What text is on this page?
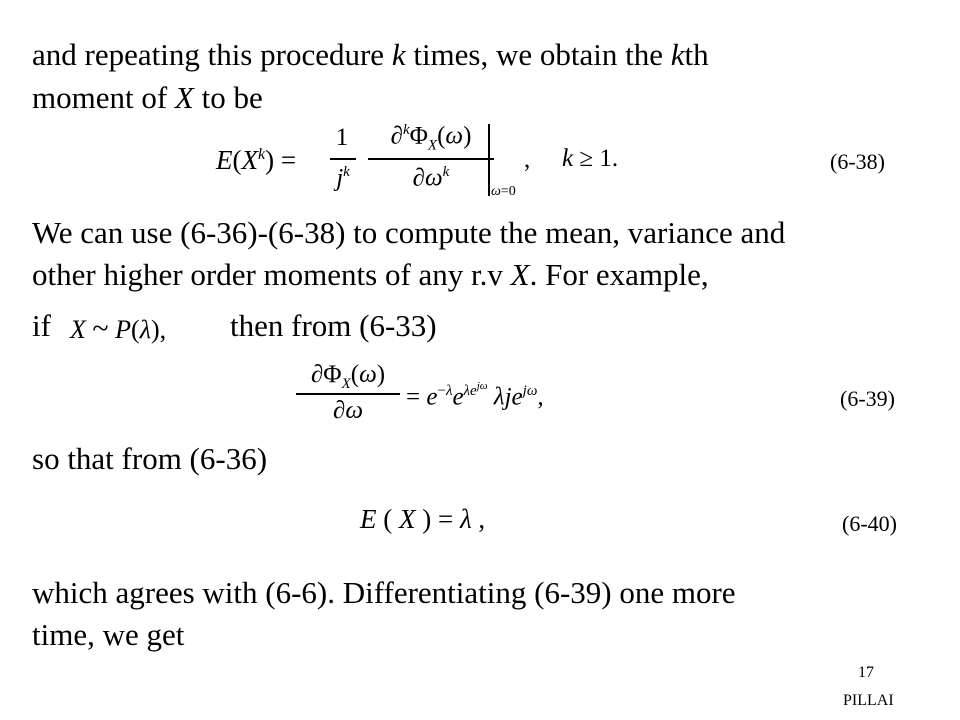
and repeating this procedure k times, we obtain the kth

moment of X to be

$E(X^k)$ =
1
$j^k$
$\partial^k\Phi_X(\omega)$
$\partial\omega^k$
ω=0
, k ≥ 1.	(6-38)

We can use (6-36)-(6-38) to compute the mean, variance and

other higher order moments of any r.v X. For example,

if X ~ P(λ), then from (6-33)

$\partial\Phi_X(\omega)$
∂ω
= $e^{-\lambda}e^{\lambda e^{j\omega}}$ λje$^{j\omega}$,	(6-39)

so that from (6-36)

E ( X ) = λ ,	(6-40)

which agrees with (6-6). Differentiating (6-39) one more

time, we get

17
PILLAI
